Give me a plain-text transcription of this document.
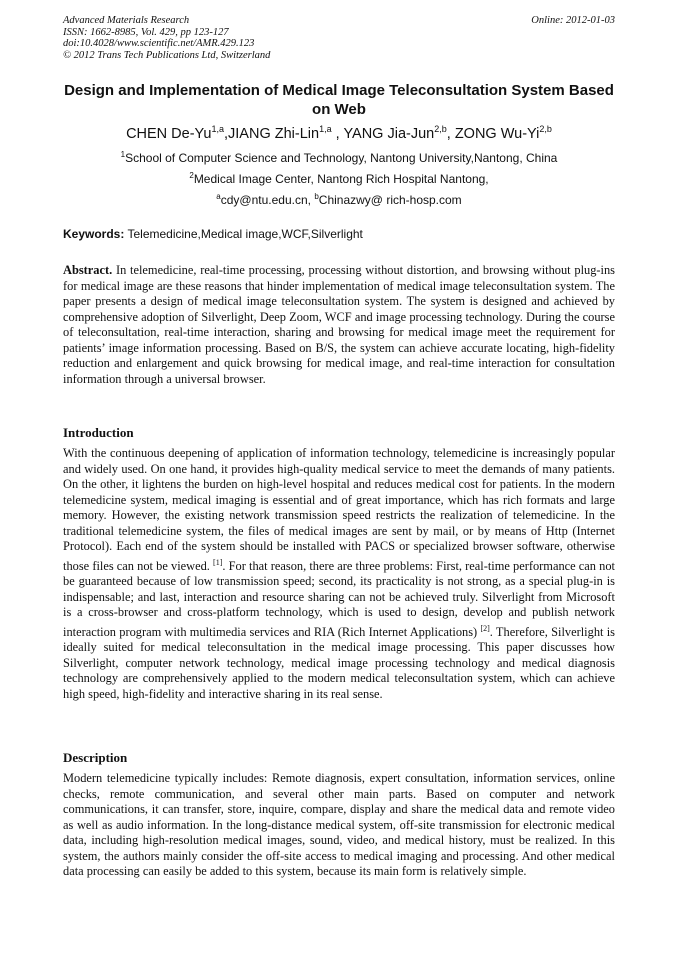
Advanced Materials Research
ISSN: 1662-8985, Vol. 429, pp 123-127
doi:10.4028/www.scientific.net/AMR.429.123
© 2012 Trans Tech Publications Ltd, Switzerland
Online: 2012-01-03
Design and Implementation of Medical Image Teleconsultation System Based on Web
CHEN De-Yu$^{1,a}$,JIANG Zhi-Lin$^{1,a}$ , YANG Jia-Jun$^{2,b}$, ZONG Wu-Yi$^{2,b}$
$^1$School of Computer Science and Technology, Nantong University,Nantong, China
$^2$Medical Image Center, Nantong Rich Hospital Nantong,
$^a$cdy@ntu.edu.cn, $^b$Chinazwy@ rich-hosp.com
Keywords: Telemedicine,Medical image,WCF,Silverlight
Abstract. In telemedicine, real-time processing, processing without distortion, and browsing without plug-ins for medical image are these reasons that hinder implementation of medical image teleconsultation system. The paper presents a design of medical image teleconsultation system. The system is designed and achieved by comprehensive adoption of Silverlight, Deep Zoom, WCF and image processing technology. During the course of teleconsultation, real-time interaction, sharing and browsing for medical image meet the requirement for patients’ image information processing. Based on B/S, the system can achieve accurate locating, high-fidelity reduction and enlargement and quick browsing for medical image, and real-time interaction for consultation information through a universal browser.
Introduction
With the continuous deepening of application of information technology, telemedicine is increasingly popular and widely used. On one hand, it provides high-quality medical service to meet the demands of many patients. On the other, it lightens the burden on high-level hospital and reduces medical cost for patients. In the modern telemedicine system, medical imaging is essential and of great importance, which has rich formats and large memory. However, the existing network transmission speed restricts the realization of telemedicine. In the traditional telemedicine system, the files of medical images are sent by mail, or by means of Http (Internet Protocol). Each end of the system should be installed with PACS or specialized browser software, otherwise those files can not be viewed. [1]. For that reason, there are three problems: First, real-time performance can not be guaranteed because of low transmission speed; second, its practicality is not strong, as a special plug-in is indispensable; and last, interaction and resource sharing can not be achieved truly. Silverlight from Microsoft is a cross-browser and cross-platform technology, which is used to design, develop and publish network interaction program with multimedia services and RIA (Rich Internet Applications) [2]. Therefore, Silverlight is ideally suited for medical teleconsultation in the medical image processing. This paper discusses how Silverlight, computer network technology, medical image processing technology and medical diagnosis technology are comprehensively applied to the modern medical teleconsultation system, which can achieve high speed, high-fidelity and interactive sharing in its real sense.
Description
Modern telemedicine typically includes: Remote diagnosis, expert consultation, information services, online checks, remote communication, and several other main parts. Based on computer and network communications, it can transfer, store, inquire, compare, display and share the medical data and remote video as well as audio information. In the long-distance medical system, off-site transmission for electronic medical data, including high-resolution medical images, sound, video, and medical history, must be realized. In this system, the authors mainly consider the off-site access to medical imaging and processing. And other medical data processing can easily be added to this system, because its main form is relatively simple.
